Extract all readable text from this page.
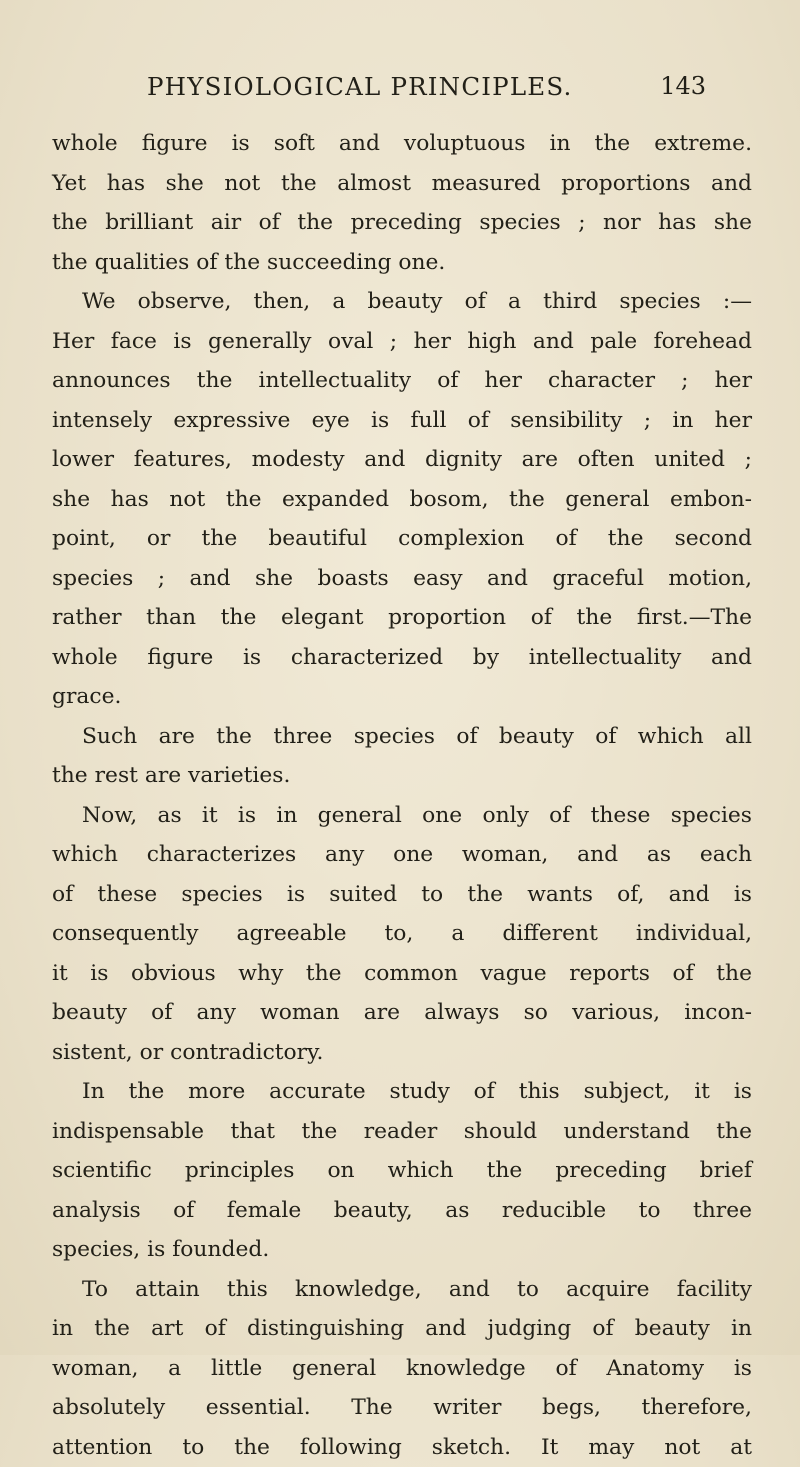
PHYSIOLOGICAL PRINCIPLES.	143
whole figure is soft and voluptuous in the extreme.
Yet has she not the almost measured proportions and
the brilliant air of the preceding species ; nor has she
the qualities of the succeeding one.
We observe, then, a beauty of a third species :—
Her face is generally oval ; her high and pale forehead
announces the intellectuality of her character ; her
intensely expressive eye is full of sensibility ; in her
lower features, modesty and dignity are often united ;
she has not the expanded bosom, the general embon-
point, or the beautiful complexion of the second
species ; and she boasts easy and graceful motion,
rather than the elegant proportion of the first.—The
whole figure is characterized by intellectuality and
grace.
Such are the three species of beauty of which all
the rest are varieties.
Now, as it is in general one only of these species
which characterizes any one woman, and as each
of these species is suited to the wants of, and is
consequently agreeable to, a different individual,
it is obvious why the common vague reports of the
beauty of any woman are always so various, incon-
sistent, or contradictory.
In the more accurate study of this subject, it is
indispensable that the reader should understand the
scientific principles on which the preceding brief
analysis of female beauty, as reducible to three
species, is founded.
To attain this knowledge, and to acquire facility
in the art of distinguishing and judging of beauty in
woman, a little general knowledge of Anatomy is
absolutely essential. The writer begs, therefore,
attention to the following sketch. It may not at
